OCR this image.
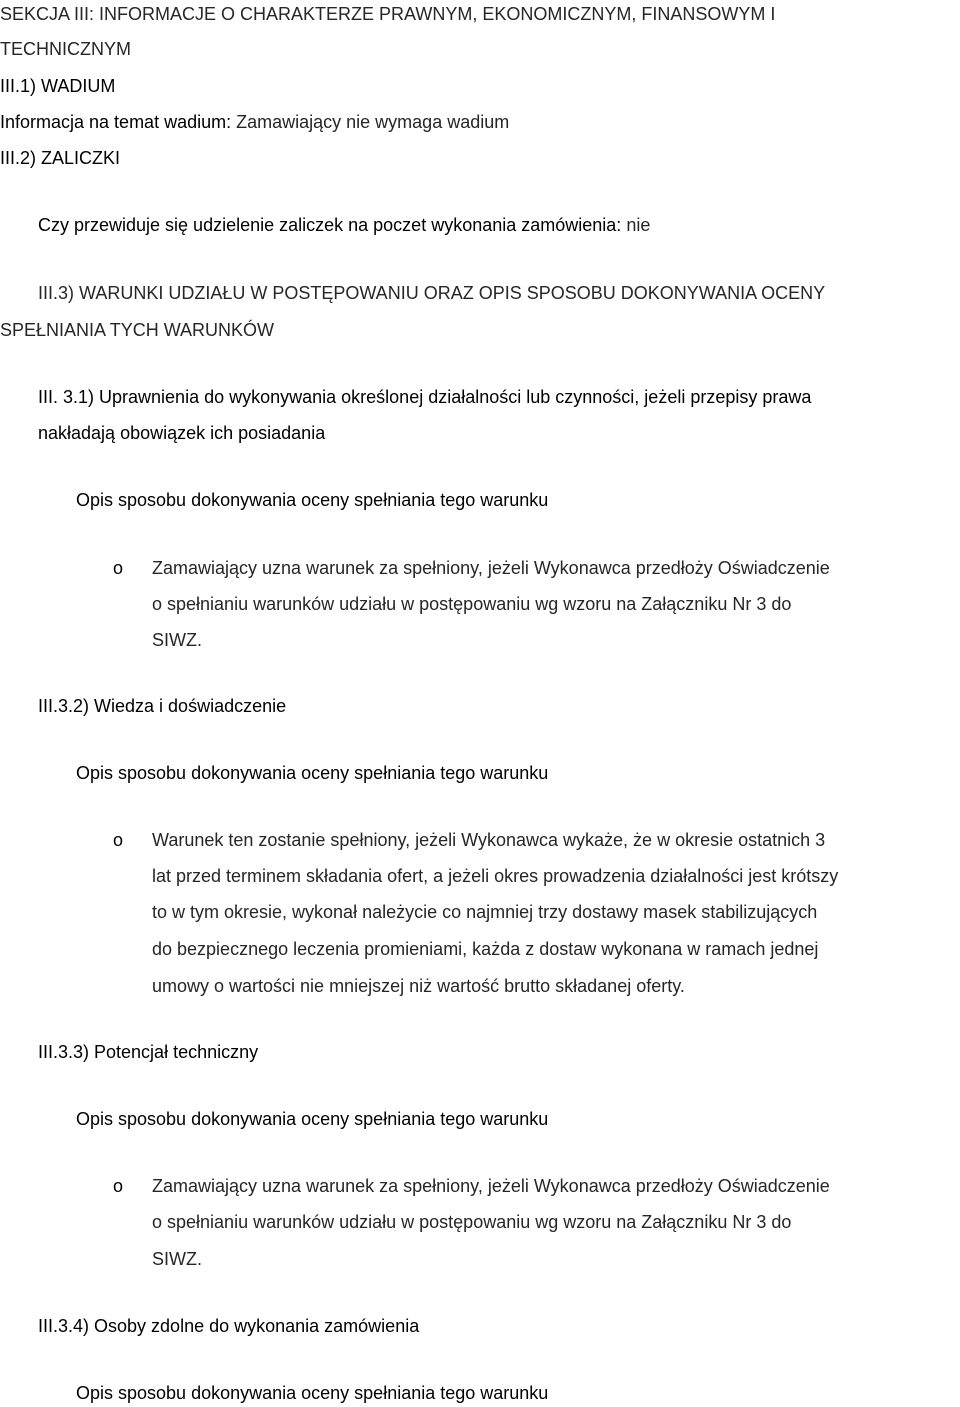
SEKCJA III: INFORMACJE O CHARAKTERZE PRAWNYM, EKONOMICZNYM, FINANSOWYM I
TECHNICZNYM
III.1) WADIUM
Informacja na temat wadium: Zamawiający nie wymaga wadium
III.2) ZALICZKI
Czy przewiduje się udzielenie zaliczek na poczet wykonania zamówienia: nie
III.3) WARUNKI UDZIAŁU W POSTĘPOWANIU ORAZ OPIS SPOSOBU DOKONYWANIA OCENY
SPEŁNIANIA TYCH WARUNKÓW
III. 3.1) Uprawnienia do wykonywania określonej działalności lub czynności, jeżeli przepisy prawa
nakładają obowiązek ich posiadania
Opis sposobu dokonywania oceny spełniania tego warunku
o Zamawiający uzna warunek za spełniony, jeżeli Wykonawca przedłoży Oświadczenie
o spełnianiu warunków udziału w postępowaniu wg wzoru na Załączniku Nr 3 do
SIWZ.
III.3.2) Wiedza i doświadczenie
Opis sposobu dokonywania oceny spełniania tego warunku
o Warunek ten zostanie spełniony, jeżeli Wykonawca wykaże, że w okresie ostatnich 3
lat przed terminem składania ofert, a jeżeli okres prowadzenia działalności jest krótszy
to w tym okresie, wykonał należycie co najmniej trzy dostawy masek stabilizujących
do bezpiecznego leczenia promieniami, każda z dostaw wykonana w ramach jednej
umowy o wartości nie mniejszej niż wartość brutto składanej oferty.
III.3.3) Potencjał techniczny
Opis sposobu dokonywania oceny spełniania tego warunku
o Zamawiający uzna warunek za spełniony, jeżeli Wykonawca przedłoży Oświadczenie
o spełnianiu warunków udziału w postępowaniu wg wzoru na Załączniku Nr 3 do
SIWZ.
III.3.4) Osoby zdolne do wykonania zamówienia
Opis sposobu dokonywania oceny spełniania tego warunku
